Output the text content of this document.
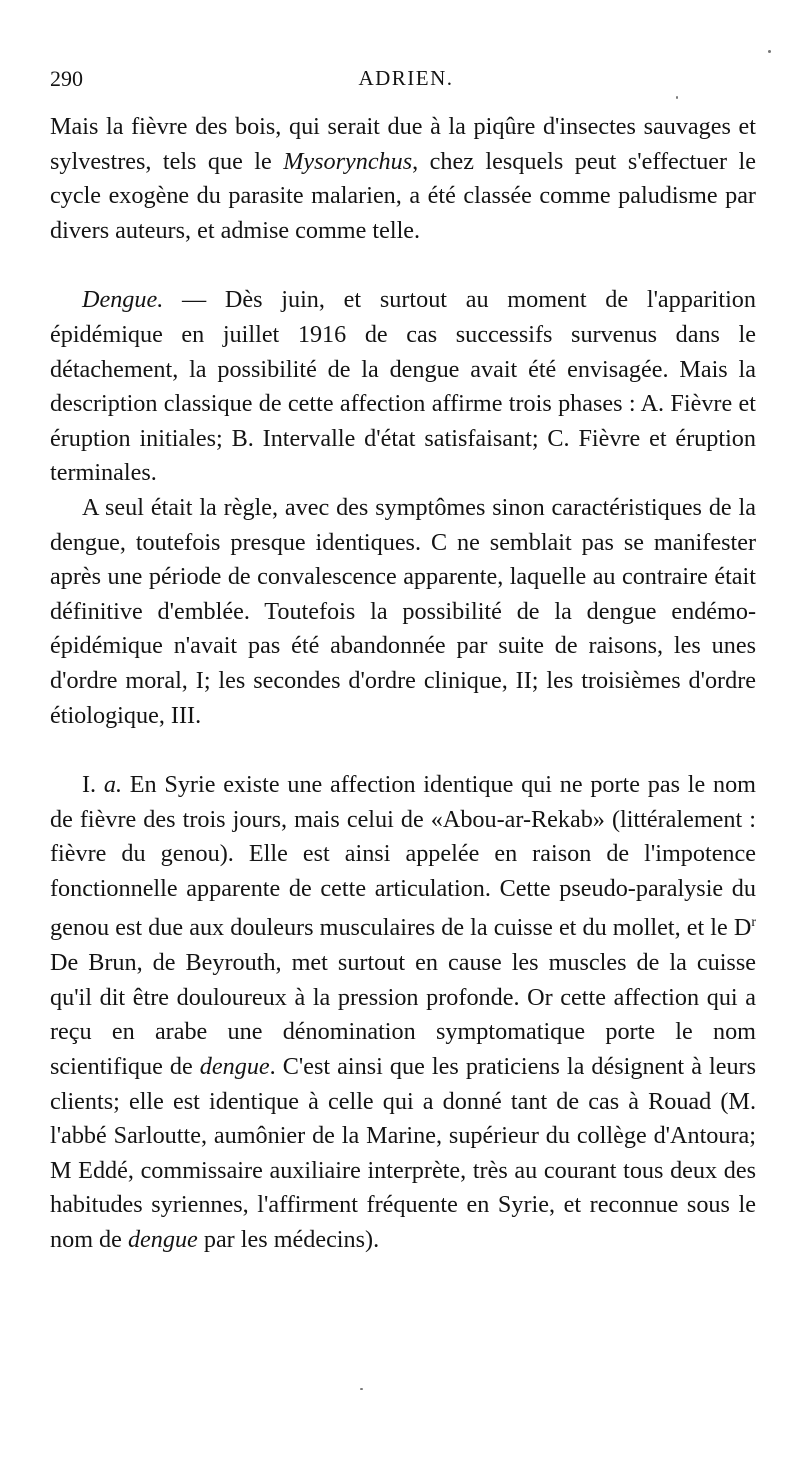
290	ADRIEN.

Mais la fièvre des bois, qui serait due à la piqûre d'insectes sauvages et sylvestres, tels que le Mysorynchus, chez lesquels peut s'effectuer le cycle exogène du parasite malarien, a été classée comme paludisme par divers auteurs, et admise comme telle.

Dengue. — Dès juin, et surtout au moment de l'apparition épidémique en juillet 1916 de cas successifs survenus dans le détachement, la possibilité de la dengue avait été envisagée. Mais la description classique de cette affection affirme trois phases : A. Fièvre et éruption initiales; B. Intervalle d'état satisfaisant; C. Fièvre et éruption terminales.

A seul était la règle, avec des symptômes sinon caractéristiques de la dengue, toutefois presque identiques. C ne semblait pas se manifester après une période de convalescence apparente, laquelle au contraire était définitive d'emblée. Toutefois la possibilité de la dengue endémo-épidémique n'avait pas été abandonnée par suite de raisons, les unes d'ordre moral, I; les secondes d'ordre clinique, II; les troisièmes d'ordre étiologique, III.

I. a. En Syrie existe une affection identique qui ne porte pas le nom de fièvre des trois jours, mais celui de «Abou-ar-Rekab» (littéralement : fièvre du genou). Elle est ainsi appelée en raison de l'impotence fonctionnelle apparente de cette articulation. Cette pseudo-paralysie du genou est due aux douleurs musculaires de la cuisse et du mollet, et le $D^r$ De Brun, de Beyrouth, met surtout en cause les muscles de la cuisse qu'il dit être douloureux à la pression profonde. Or cette affection qui a reçu en arabe une dénomination symptomatique porte le nom scientifique de dengue. C'est ainsi que les praticiens la désignent à leurs clients; elle est identique à celle qui a donné tant de cas à Rouad (M. l'abbé Sarloutte, aumônier de la Marine, supérieur du collège d'Antoura; M Eddé, commissaire auxiliaire interprète, très au courant tous deux des habitudes syriennes, l'affirment fréquente en Syrie, et reconnue sous le nom de dengue par les médecins).
